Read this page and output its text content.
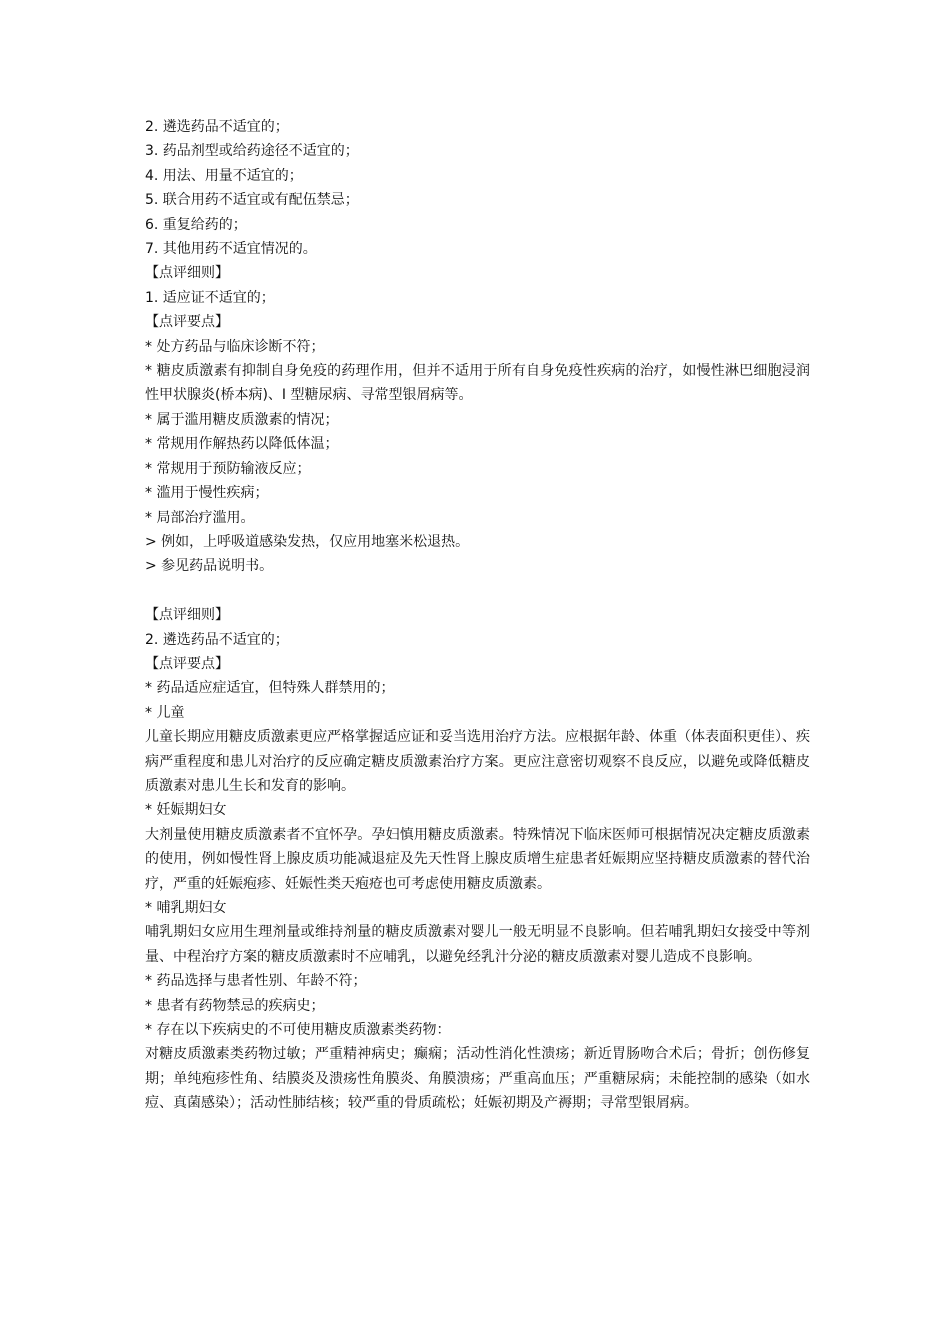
2. 遴选药品不适宜的；
3. 药品剂型或给药途径不适宜的；
4. 用法、用量不适宜的；
5. 联合用药不适宜或有配伍禁忌；
6. 重复给药的；
7. 其他用药不适宜情况的。
【点评细则】
1. 适应证不适宜的；
【点评要点】
* 处方药品与临床诊断不符；
* 糖皮质激素有抑制自身免疫的药理作用，但并不适用于所有自身免疫性疾病的治疗，如慢性淋巴细胞浸润性甲状腺炎(桥本病)、I 型糖尿病、寻常型银屑病等。
* 属于滥用糖皮质激素的情况；
* 常规用作解热药以降低体温；
* 常规用于预防输液反应；
* 滥用于慢性疾病；
* 局部治疗滥用。
> 例如，上呼吸道感染发热，仅应用地塞米松退热。
> 参见药品说明书。
【点评细则】
2. 遴选药品不适宜的；
【点评要点】
* 药品适应症适宜，但特殊人群禁用的；
* 儿童
儿童长期应用糖皮质激素更应严格掌握适应证和妥当选用治疗方法。应根据年龄、体重（体表面积更佳）、疾病严重程度和患儿对治疗的反应确定糖皮质激素治疗方案。更应注意密切观察不良反应，以避免或降低糖皮质激素对患儿生长和发育的影响。
* 妊娠期妇女
大剂量使用糖皮质激素者不宜怀孕。孕妇慎用糖皮质激素。特殊情况下临床医师可根据情况决定糖皮质激素的使用，例如慢性肾上腺皮质功能减退症及先天性肾上腺皮质增生症患者妊娠期应坚持糖皮质激素的替代治疗，严重的妊娠疱疹、妊娠性类天疱疮也可考虑使用糖皮质激素。
* 哺乳期妇女
哺乳期妇女应用生理剂量或维持剂量的糖皮质激素对婴儿一般无明显不良影响。但若哺乳期妇女接受中等剂量、中程治疗方案的糖皮质激素时不应哺乳，以避免经乳汁分泌的糖皮质激素对婴儿造成不良影响。
* 药品选择与患者性别、年龄不符；
* 患者有药物禁忌的疾病史；
* 存在以下疾病史的不可使用糖皮质激素类药物：
对糖皮质激素类药物过敏；严重精神病史；癫痫；活动性消化性溃疡；新近胃肠吻合术后；骨折；创伤修复期；单纯疱疹性角、结膜炎及溃疡性角膜炎、角膜溃疡；严重高血压；严重糖尿病；未能控制的感染（如水痘、真菌感染）；活动性肺结核；较严重的骨质疏松；妊娠初期及产褥期；寻常型银屑病。
